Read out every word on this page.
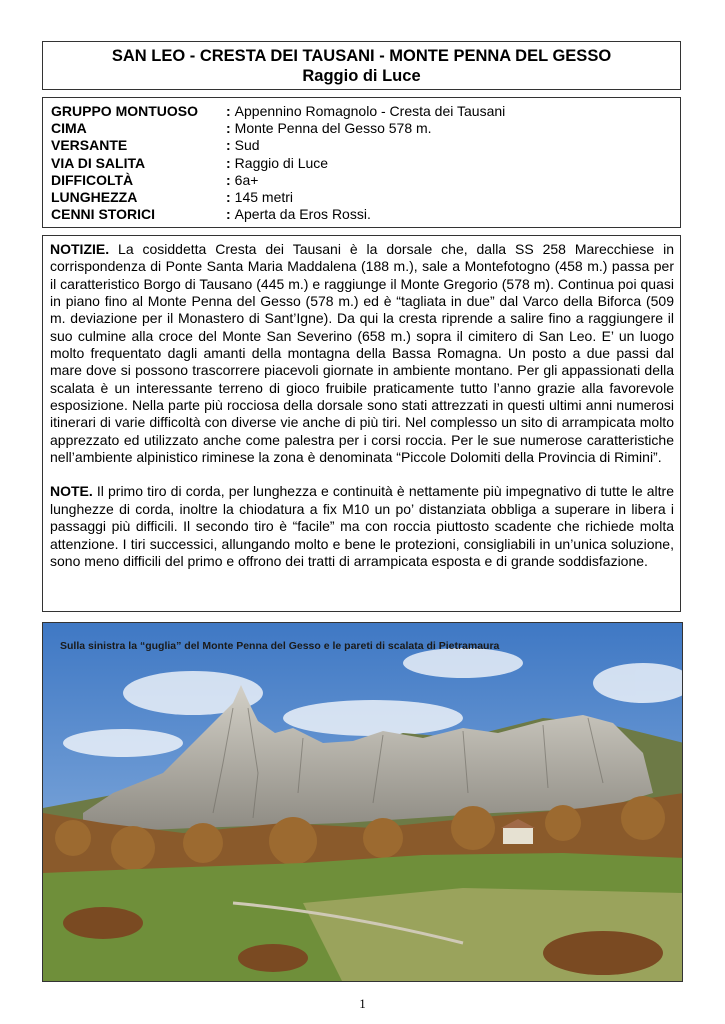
SAN LEO - CRESTA DEI TAUSANI - MONTE PENNA DEL GESSO
Raggio di Luce
GRUPPO MONTUOSO	: Appennino Romagnolo - Cresta dei Tausani
CIMA	: Monte Penna del Gesso 578 m.
VERSANTE	: Sud
VIA DI SALITA	: Raggio di Luce
DIFFICOLTÀ	: 6a+
LUNGHEZZA	: 145 metri
CENNI STORICI	: Aperta da Eros Rossi.

NOTIZIE. La cosiddetta Cresta dei Tausani è la dorsale che, dalla SS 258 Marecchiese in corrispondenza di Ponte Santa Maria Maddalena (188 m.), sale a Montefotogno (458 m.) passa per il caratteristico Borgo di Tausano (445 m.) e raggiunge il Monte Gregorio (578 m). Continua poi quasi in piano fino al Monte Penna del Gesso (578 m.) ed è “tagliata in due” dal Varco della Biforca (509 m. deviazione per il Monastero di Sant’Igne). Da qui la cresta riprende a salire fino a raggiungere il suo culmine alla croce del Monte San Severino (658 m.) sopra il cimitero di San Leo. E’ un luogo molto frequentato dagli amanti della montagna della Bassa Romagna. Un posto a due passi dal mare dove si possono trascorrere piacevoli giornate in ambiente montano. Per gli appassionati della scalata è un interessante terreno di gioco fruibile praticamente tutto l’anno grazie alla favorevole esposizione. Nella parte più rocciosa della dorsale sono stati attrezzati in questi ultimi anni numerosi itinerari di varie difficoltà con diverse vie anche di più tiri. Nel complesso un sito di arrampicata molto apprezzato ed utilizzato anche come palestra per i corsi roccia. Per le sue numerose caratteristiche nell’ambiente alpinistico riminese la zona è denominata “Piccole Dolomiti della Provincia di Rimini”.

NOTE. Il primo tiro di corda, per lunghezza e continuità è nettamente più impegnativo di tutte le altre lunghezze di corda, inoltre la chiodatura a fix M10 un po’ distanziata obbliga a superare in libera i passaggi più difficili. Il secondo tiro è “facile” ma con roccia piuttosto scadente che richiede molta attenzione. I tiri successici, allungando molto e bene le protezioni, consigliabili in un’unica soluzione, sono meno difficili del primo e offrono dei tratti di arrampicata esposta e di grande soddisfazione.

Sulla sinistra la “guglia” del Monte Penna del Gesso e le pareti di scalata di Pietramaura
1
